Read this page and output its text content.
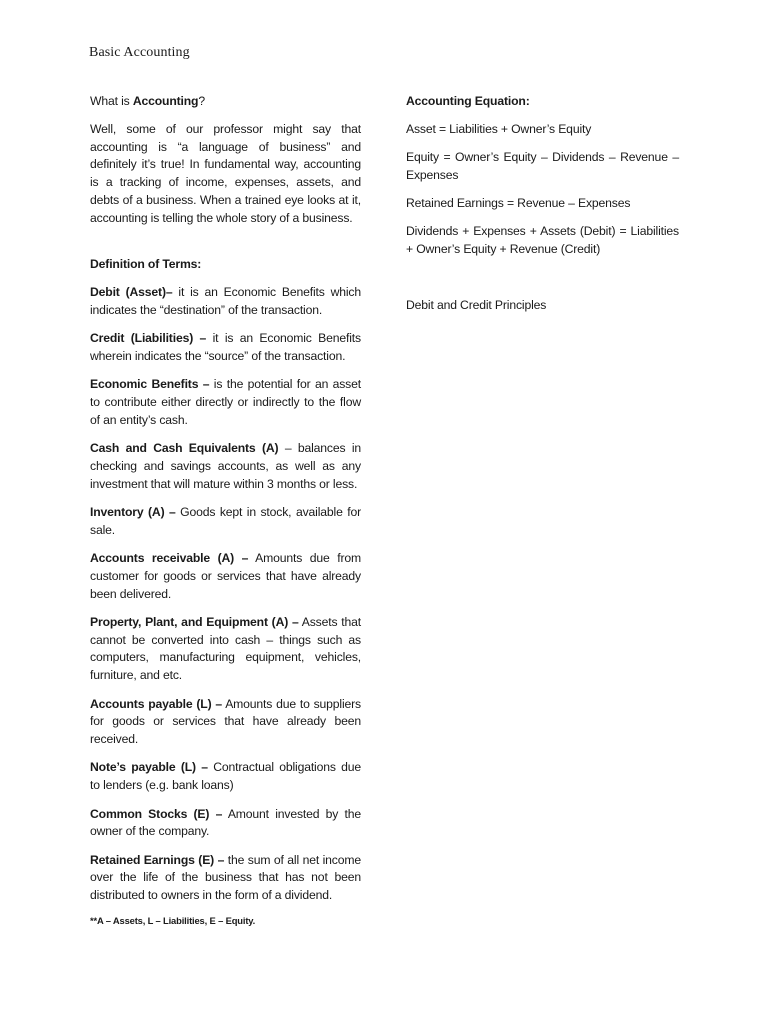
Basic Accounting

What is Accounting?

Well, some of our professor might say that accounting is “a language of business” and definitely it’s true! In fundamental way, accounting is a tracking of income, expenses, assets, and debts of a business. When a trained eye looks at it, accounting is telling the whole story of a business.

Definition of Terms:

Debit (Asset)– it is an Economic Benefits which indicates the “destination” of the transaction.

Credit (Liabilities) – it is an Economic Benefits wherein indicates the “source” of the transaction.

Economic Benefits – is the potential for an asset to contribute either directly or indirectly to the flow of an entity’s cash.

Cash and Cash Equivalents (A) – balances in checking and savings accounts, as well as any investment that will mature within 3 months or less.

Inventory (A) – Goods kept in stock, available for sale.

Accounts receivable (A) – Amounts due from customer for goods or services that have already been delivered.

Property, Plant, and Equipment (A) – Assets that cannot be converted into cash – things such as computers, manufacturing equipment, vehicles, furniture, and etc.

Accounts payable (L) – Amounts due to suppliers for goods or services that have already been received.

Note’s payable (L) – Contractual obligations due to lenders (e.g. bank loans)

Common Stocks (E) – Amount invested by the owner of the company.

Retained Earnings (E) – the sum of all net income over the life of the business that has not been distributed to owners in the form of a dividend.

**A – Assets, L – Liabilities, E – Equity.

Accounting Equation:

Asset = Liabilities + Owner’s Equity

Equity = Owner’s Equity – Dividends – Revenue – Expenses

Retained Earnings = Revenue – Expenses

Dividends + Expenses + Assets (Debit) = Liabilities + Owner’s Equity + Revenue (Credit)

Debit and Credit Principles
